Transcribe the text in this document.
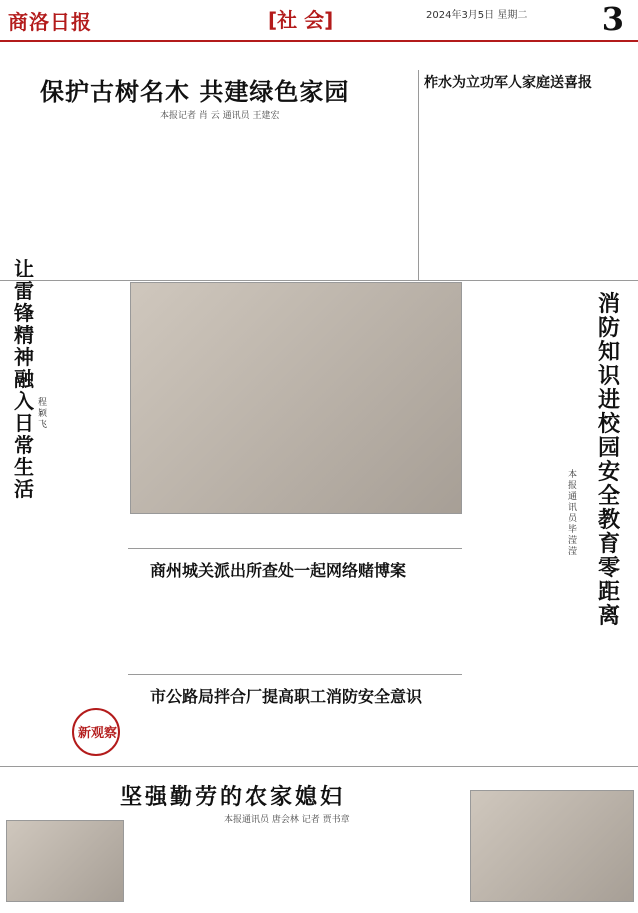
商洛日报	[社 会]	2024年3月5日 星期二 3
保护古树名木 共建绿色家园
本报记者 肖 云 通讯员 王建宏
柞水为立功军人家庭送喜报
让雷锋精神融入日常生活
程颖飞
消防知识进校园 安全教育零距离
本报通讯员 毕滢滢
商州城关派出所查处一起网络赌博案
市公路局拌合厂提高职工消防安全意识
新观察
坚强勤劳的农家媳妇
本报通讯员 唐会林 记者 贾书章
